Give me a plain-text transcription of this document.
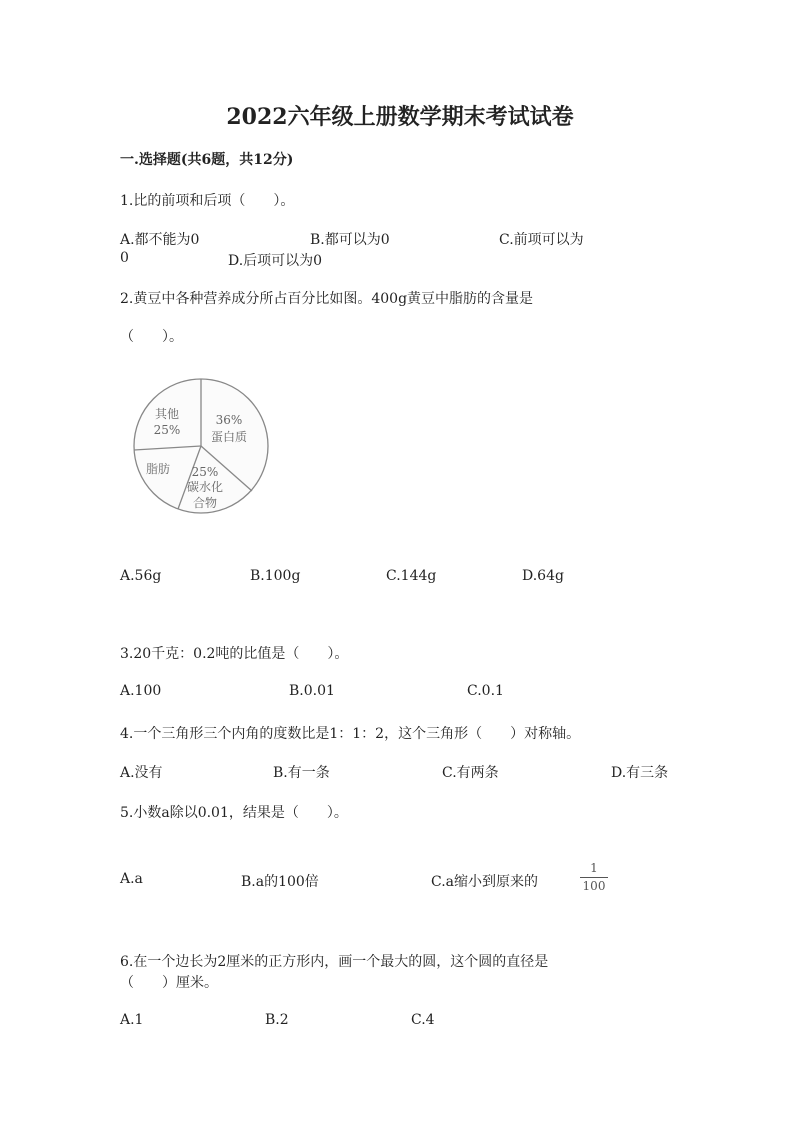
2022六年级上册数学期末考试试卷
一.选择题(共6题，共12分)
1.比的前项和后项（　　）。
A.都不能为0	B.都可以为0	C.前项可以为
0	D.后项可以为0
2.黄豆中各种营养成分所占百分比如图。400g黄豆中脂肪的含量是
（　　）。
其他
25%
36%
蛋白质
脂肪 25%
碳水化
合物
A.56g	B.100g	C.144g	D.64g
3.20千克：0.2吨的比值是（　　）。
A.100	B.0.01	C.0.1
4.一个三角形三个内角的度数比是1：1：2，这个三角形（　　）对称轴。
A.没有	B.有一条	C.有两条	D.有三条
5.小数a除以0.01，结果是（　　）。
A.a	B.a的100倍	C.a缩小到原来的
1
100
6.在一个边长为2厘米的正方形内，画一个最大的圆，这个圆的直径是
（　　）厘米。
A.1	B.2	C.4
